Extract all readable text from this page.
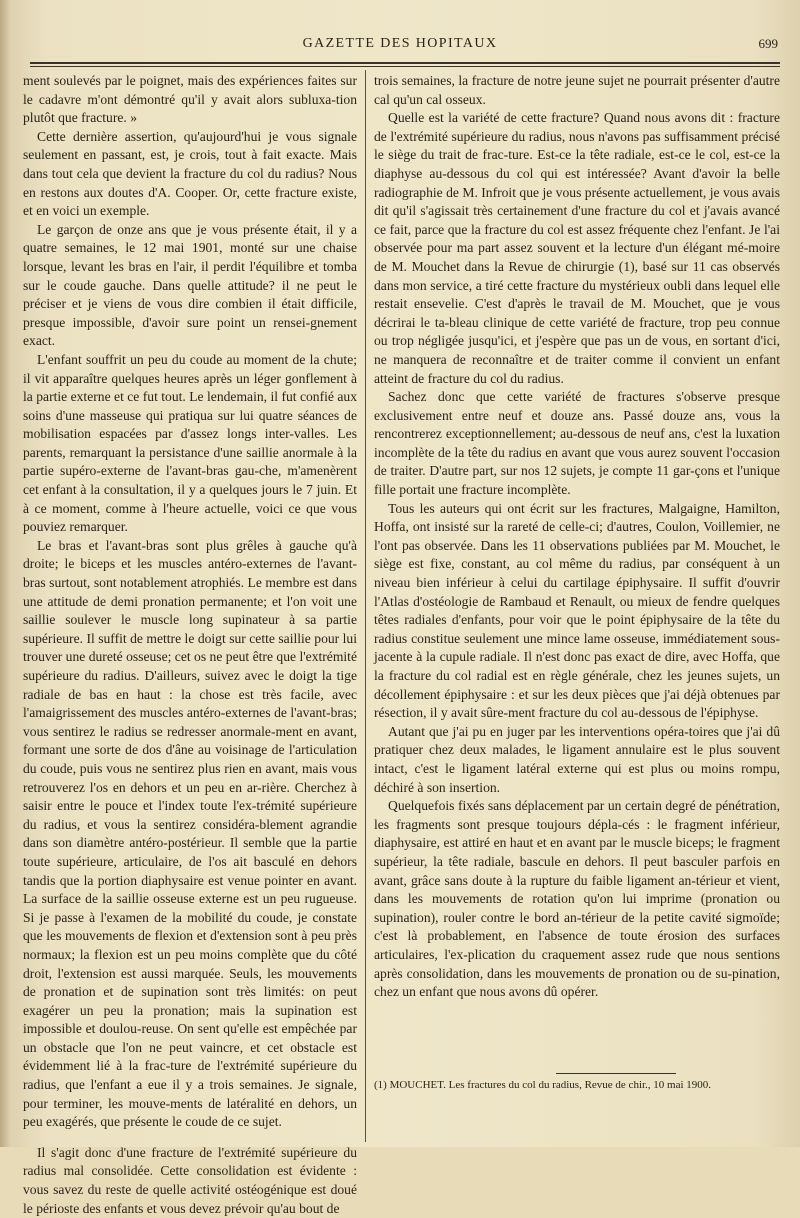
GAZETTE DES HOPITAUX	699

ment soulevés par le poignet, mais des expériences faites sur le cadavre m'ont démontré qu'il y avait alors subluxa-tion plutôt que fracture. »

Cette dernière assertion, qu'aujourd'hui je vous signale seulement en passant, est, je crois, tout à fait exacte. Mais dans tout cela que devient la fracture du col du radius? Nous en restons aux doutes d'A. Cooper. Or, cette fracture existe, et en voici un exemple.

Le garçon de onze ans que je vous présente était, il y a quatre semaines, le 12 mai 1901, monté sur une chaise lorsque, levant les bras en l'air, il perdit l'équilibre et tomba sur le coude gauche. Dans quelle attitude? il ne peut le préciser et je viens de vous dire combien il était difficile, presque impossible, d'avoir sure point un rensei-gnement exact.

L'enfant souffrit un peu du coude au moment de la chute; il vit apparaître quelques heures après un léger gonflement à la partie externe et ce fut tout. Le lendemain, il fut confié aux soins d'une masseuse qui pratiqua sur lui quatre séances de mobilisation espacées par d'assez longs inter-valles. Les parents, remarquant la persistance d'une saillie anormale à la partie supéro-externe de l'avant-bras gau-che, m'amenèrent cet enfant à la consultation, il y a quelques jours le 7 juin. Et à ce moment, comme à l'heure actuelle, voici ce que vous pouviez remarquer.

Le bras et l'avant-bras sont plus grêles à gauche qu'à droite; le biceps et les muscles antéro-externes de l'avant-bras surtout, sont notablement atrophiés. Le membre est dans une attitude de demi pronation permanente; et l'on voit une saillie soulever le muscle long supinateur à sa partie supérieure. Il suffit de mettre le doigt sur cette saillie pour lui trouver une dureté osseuse; cet os ne peut être que l'extrémité supérieure du radius. D'ailleurs, suivez avec le doigt la tige radiale de bas en haut : la chose est très facile, avec l'amaigrissement des muscles antéro-externes de l'avant-bras; vous sentirez le radius se redresser anormale-ment en avant, formant une sorte de dos d'âne au voisinage de l'articulation du coude, puis vous ne sentirez plus rien en avant, mais vous retrouverez l'os en dehors et un peu en ar-rière. Cherchez à saisir entre le pouce et l'index toute l'ex-trémité supérieure du radius, et vous la sentirez considéra-blement agrandie dans son diamètre antéro-postérieur. Il semble que la partie toute supérieure, articulaire, de l'os ait basculé en dehors tandis que la portion diaphysaire est venue pointer en avant. La surface de la saillie osseuse externe est un peu rugueuse. Si je passe à l'examen de la mobilité du coude, je constate que les mouvements de flexion et d'extension sont à peu près normaux; la flexion est un peu moins complète que du côté droit, l'extension est aussi marquée. Seuls, les mouvements de pronation et de supination sont très limités: on peut exagérer un peu la pronation; mais la supination est impossible et doulou-reuse. On sent qu'elle est empêchée par un obstacle que l'on ne peut vaincre, et cet obstacle est évidemment lié à la frac-ture de l'extrémité supérieure du radius, que l'enfant a eue il y a trois semaines. Je signale, pour terminer, les mouve-ments de latéralité en dehors, un peu exagérés, que présente le coude de ce sujet.

Il s'agit donc d'une fracture de l'extrémité supérieure du radius mal consolidée. Cette consolidation est évidente : vous savez du reste de quelle activité ostéogénique est doué le périoste des enfants et vous devez prévoir qu'au bout de

trois semaines, la fracture de notre jeune sujet ne pourrait présenter d'autre cal qu'un cal osseux.

Quelle est la variété de cette fracture? Quand nous avons dit : fracture de l'extrémité supérieure du radius, nous n'avons pas suffisamment précisé le siège du trait de frac-ture. Est-ce la tête radiale, est-ce le col, est-ce la diaphyse au-dessous du col qui est intéressée? Avant d'avoir la belle radiographie de M. Infroit que je vous présente actuellement, je vous avais dit qu'il s'agissait très certainement d'une fracture du col et j'avais avancé ce fait, parce que la fracture du col est assez fréquente chez l'enfant. Je l'ai observée pour ma part assez souvent et la lecture d'un élégant mé-moire de M. Mouchet dans la Revue de chirurgie (1), basé sur 11 cas observés dans mon service, a tiré cette fracture du mystérieux oubli dans lequel elle restait ensevelie. C'est d'après le travail de M. Mouchet, que je vous décrirai le ta-bleau clinique de cette variété de fracture, trop peu connue ou trop négligée jusqu'ici, et j'espère que pas un de vous, en sortant d'ici, ne manquera de reconnaître et de traiter comme il convient un enfant atteint de fracture du col du radius.

Sachez donc que cette variété de fractures s'observe presque exclusivement entre neuf et douze ans. Passé douze ans, vous la rencontrerez exceptionnellement; au-dessous de neuf ans, c'est la luxation incomplète de la tête du radius en avant que vous aurez souvent l'occasion de traiter. D'autre part, sur nos 12 sujets, je compte 11 gar-çons et l'unique fille portait une fracture incomplète.

Tous les auteurs qui ont écrit sur les fractures, Malgaigne, Hamilton, Hoffa, ont insisté sur la rareté de celle-ci; d'autres, Coulon, Voillemier, ne l'ont pas observée. Dans les 11 observations publiées par M. Mouchet, le siège est fixe, constant, au col même du radius, par conséquent à un niveau bien inférieur à celui du cartilage épiphysaire. Il suffit d'ouvrir l'Atlas d'ostéologie de Rambaud et Renault, ou mieux de fendre quelques têtes radiales d'enfants, pour voir que le point épiphysaire de la tête du radius constitue seulement une mince lame osseuse, immédiatement sous-jacente à la cupule radiale. Il n'est donc pas exact de dire, avec Hoffa, que la fracture du col radial est en règle générale, chez les jeunes sujets, un décollement épiphysaire : et sur les deux pièces que j'ai déjà obtenues par résection, il y avait sûre-ment fracture du col au-dessous de l'épiphyse.

Autant que j'ai pu en juger par les interventions opéra-toires que j'ai dû pratiquer chez deux malades, le ligament annulaire est le plus souvent intact, c'est le ligament latéral externe qui est plus ou moins rompu, déchiré à son insertion.

Quelquefois fixés sans déplacement par un certain degré de pénétration, les fragments sont presque toujours dépla-cés : le fragment inférieur, diaphysaire, est attiré en haut et en avant par le muscle biceps; le fragment supérieur, la tête radiale, bascule en dehors. Il peut basculer parfois en avant, grâce sans doute à la rupture du faible ligament an-térieur et vient, dans les mouvements de rotation qu'on lui imprime (pronation ou supination), rouler contre le bord an-térieur de la petite cavité sigmoïde; c'est là probablement, en l'absence de toute érosion des surfaces articulaires, l'ex-plication du craquement assez rude que nous sentions après consolidation, dans les mouvements de pronation ou de su-pination, chez un enfant que nous avons dû opérer.

(1) MOUCHET. Les fractures du col du radius, Revue de chir., 10 mai 1900.
